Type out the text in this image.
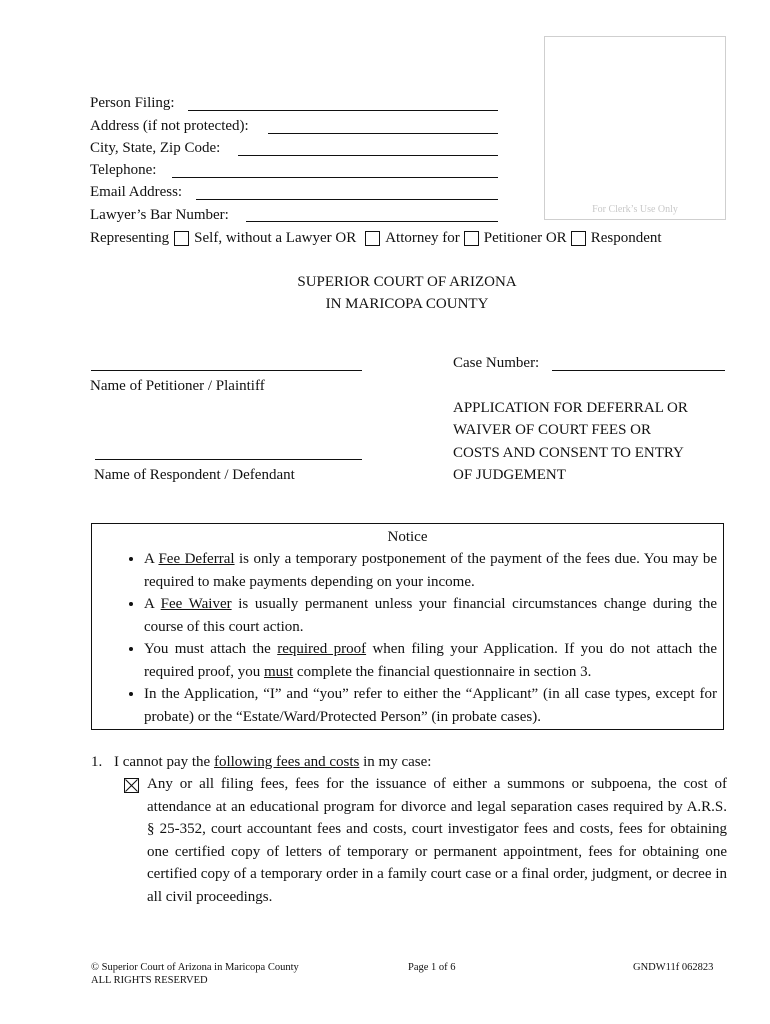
For Clerk’s Use Only
Person Filing:
Address (if not protected):
City, State, Zip Code:
Telephone:
Email Address:
Lawyer’s Bar Number:
Representing Self, without a Lawyer OR Attorney for Petitioner OR Respondent
SUPERIOR COURT OF ARIZONA
IN MARICOPA COUNTY
Name of Petitioner / Plaintiff
Name of Respondent / Defendant
Case Number:
APPLICATION FOR DEFERRAL OR
WAIVER OF COURT FEES OR
COSTS AND CONSENT TO ENTRY
OF JUDGEMENT
Notice
• A Fee Deferral is only a temporary postponement of the payment of the fees due. You may be required to make payments depending on your income.
• A Fee Waiver is usually permanent unless your financial circumstances change during the course of this court action.
• You must attach the required proof when filing your Application. If you do not attach the required proof, you must complete the financial questionnaire in section 3.
• In the Application, “I” and “you” refer to either the “Applicant” (in all case types, except for probate) or the “Estate/Ward/Protected Person” (in probate cases).
1. I cannot pay the following fees and costs in my case:
Any or all filing fees, fees for the issuance of either a summons or subpoena, the cost of attendance at an educational program for divorce and legal separation cases required by A.R.S. § 25-352, court accountant fees and costs, court investigator fees and costs, fees for obtaining one certified copy of letters of temporary or permanent appointment, fees for obtaining one certified copy of a temporary order in a family court case or a final order, judgment, or decree in all civil proceedings.
© Superior Court of Arizona in Maricopa County
ALL RIGHTS RESERVED
Page 1 of 6	GNDW11f 062823
